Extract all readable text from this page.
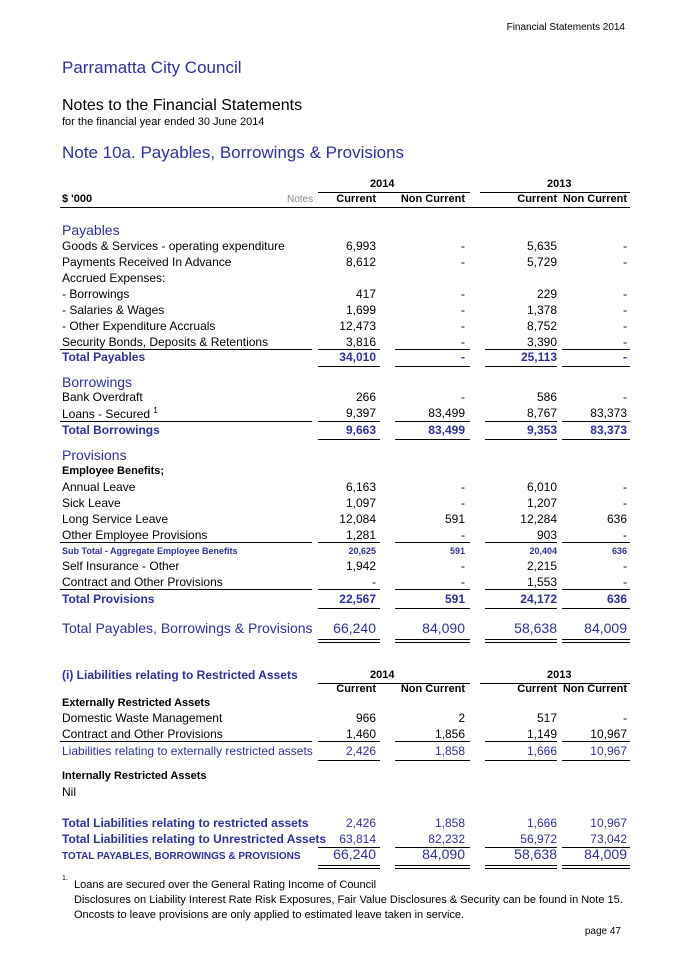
Financial Statements 2014
Parramatta City Council
Notes to the Financial Statements
for the financial year ended 30 June 2014
Note 10a. Payables, Borrowings & Provisions
2014	2013
$ '000	Notes	Current	Non Current	Current Non Current
Payables
Goods & Services - operating expenditure	6,993	-	5,635	-
Payments Received In Advance	8,612	-	5,729	-
Accrued Expenses:
- Borrowings	417	-	229	-
- Salaries & Wages	1,699	-	1,378	-
- Other Expenditure Accruals	12,473	-	8,752	-
Security Bonds, Deposits & Retentions	3,816	-	3,390	-
Total Payables	34,010	-	25,113	-
Borrowings
Bank Overdraft	266	-	586	-
Loans - Secured $^1$	9,397	83,499	8,767	83,373
Total Borrowings	9,663	83,499	9,353	83,373
Provisions
Employee Benefits;
Annual Leave	6,163	-	6,010	-
Sick Leave	1,097	-	1,207	-
Long Service Leave	12,084	591	12,284	636
Other Employee Provisions	1,281	-	903	-
Sub Total - Aggregate Employee Benefits	20,625	591	20,404	636
Self Insurance - Other	1,942	-	2,215	-
Contract and Other Provisions	-	-	1,553	-
Total Provisions	22,567	591	24,172	636
Total Payables, Borrowings & Provisions	66,240	84,090	58,638	84,009
(i) Liabilities relating to Restricted Assets	2014	2013
Current	Non Current	Current Non Current
Externally Restricted Assets
Domestic Waste Management	966	2	517	-
Contract and Other Provisions	1,460	1,856	1,149	10,967
Liabilities relating to externally restricted assets	2,426	1,858	1,666	10,967
Internally Restricted Assets
Nil
Total Liabilities relating to restricted assets	2,426	1,858	1,666	10,967
Total Liabilities relating to Unrestricted Assets	63,814	82,232	56,972	73,042
TOTAL PAYABLES, BORROWINGS & PROVISIONS	66,240	84,090	58,638	84,009
1.
Loans are secured over the General Rating Income of Council
Disclosures on Liability Interest Rate Risk Exposures, Fair Value Disclosures & Security can be found in Note 15.
Oncosts to leave provisions are only applied to estimated leave taken in service.
page 47
